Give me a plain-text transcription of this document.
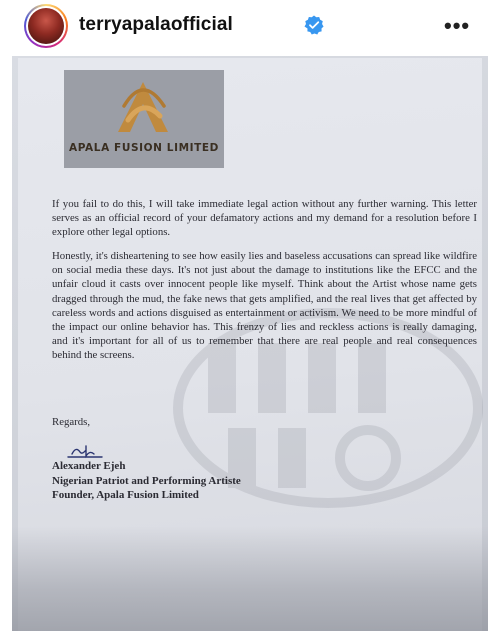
terryapalaofficial	•••
APALA FUSION LIMITED
If you fail to do this, I will take immediate legal action without any further warning. This letter serves as an official record of your defamatory actions and my demand for a resolution before I explore other legal options.
Honestly, it's disheartening to see how easily lies and baseless accusations can spread like wildfire on social media these days. It's not just about the damage to institutions like the EFCC and the unfair cloud it casts over innocent people like myself. Think about the Artist whose name gets dragged through the mud, the fake news that gets amplified, and the real lives that get affected by careless words and actions disguised as entertainment or activism. We need to be more mindful of the impact our online behavior has. This frenzy of lies and reckless actions is really damaging, and it's important for all of us to remember that there are real people and real consequences behind the screens.
Regards,
Alexander Ejeh
Nigerian Patriot and Performing Artiste
Founder, Apala Fusion Limited
